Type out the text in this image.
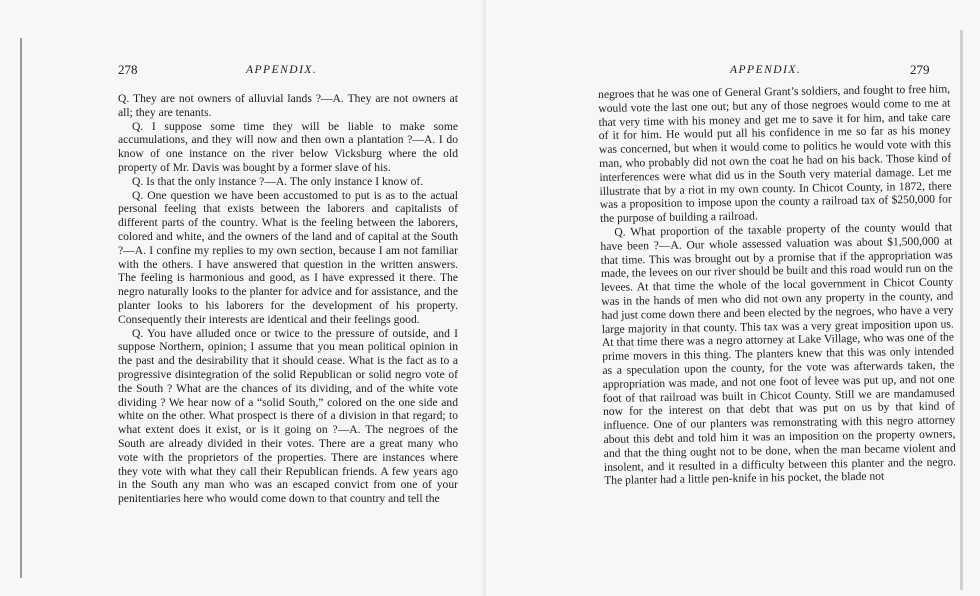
278	APPENDIX.

Q. They are not owners of alluvial lands ?—A. They are not owners at all; they are tenants.

Q. I suppose some time they will be liable to make some accumulations, and they will now and then own a plantation ?—A. I do know of one instance on the river below Vicksburg where the old property of Mr. Davis was bought by a former slave of his.

Q. Is that the only instance ?—A. The only instance I know of.

Q. One question we have been accustomed to put is as to the actual personal feeling that exists between the laborers and capitalists of different parts of the country. What is the feeling between the laborers, colored and white, and the owners of the land and of capital at the South ?—A. I confine my replies to my own section, because I am not familiar with the others. I have answered that question in the written answers. The feeling is harmonious and good, as I have expressed it there. The negro naturally looks to the planter for advice and for assistance, and the planter looks to his laborers for the development of his property. Consequently their interests are identical and their feelings good.

Q. You have alluded once or twice to the pressure of outside, and I suppose Northern, opinion; I assume that you mean political opinion in the past and the desirability that it should cease. What is the fact as to a progressive disintegration of the solid Republican or solid negro vote of the South ? What are the chances of its dividing, and of the white vote dividing ? We hear now of a “solid South,” colored on the one side and white on the other. What prospect is there of a division in that regard; to what extent does it exist, or is it going on ?—A. The negroes of the South are already divided in their votes. There are a great many who vote with the proprietors of the properties. There are instances where they vote with what they call their Republican friends. A few years ago in the South any man who was an escaped convict from one of your penitentiaries here who would come down to that country and tell the

APPENDIX.	279

negroes that he was one of General Grant’s soldiers, and fought to free him, would vote the last one out; but any of those negroes would come to me at that very time with his money and get me to save it for him, and take care of it for him. He would put all his confidence in me so far as his money was concerned, but when it would come to politics he would vote with this man, who probably did not own the coat he had on his back. Those kind of interferences were what did us in the South very material damage. Let me illustrate that by a riot in my own county. In Chicot County, in 1872, there was a proposition to impose upon the county a railroad tax of $250,000 for the purpose of building a railroad.

Q. What proportion of the taxable property of the county would that have been ?—A. Our whole assessed valuation was about $1,500,000 at that time. This was brought out by a promise that if the appropriation was made, the levees on our river should be built and this road would run on the levees. At that time the whole of the local government in Chicot County was in the hands of men who did not own any property in the county, and had just come down there and been elected by the negroes, who have a very large majority in that county. This tax was a very great imposition upon us. At that time there was a negro attorney at Lake Village, who was one of the prime movers in this thing. The planters knew that this was only intended as a speculation upon the county, for the vote was afterwards taken, the appropriation was made, and not one foot of levee was put up, and not one foot of that railroad was built in Chicot County. Still we are mandamused now for the interest on that debt that was put on us by that kind of influence. One of our planters was remonstrating with this negro attorney about this debt and told him it was an imposition on the property owners, and that the thing ought not to be done, when the man became violent and insolent, and it resulted in a difficulty between this planter and the negro. The planter had a little pen-knife in his pocket, the blade not
